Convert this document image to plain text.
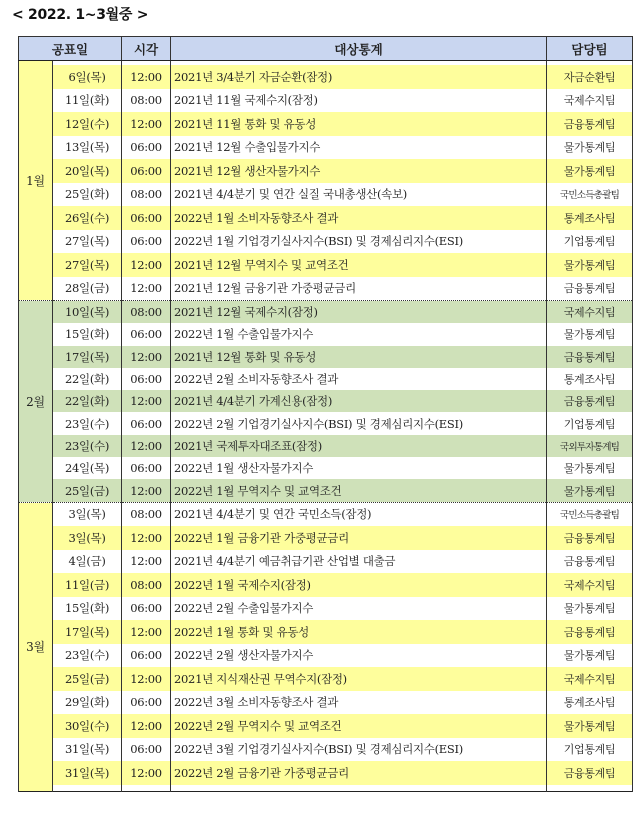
< 2022. 1~3월중 >
공표일		시각	대상통계	담당팀
1월				
	6일(목)	12:00	2021년 3/4분기 자금순환(잠정)	자금순환팀
	11일(화)	08:00	2021년 11월 국제수지(잠정)	국제수지팀
	12일(수)	12:00	2021년 11월 통화 및 유동성	금융통계팀
	13일(목)	06:00	2021년 12월 수출입물가지수	물가통계팀
	20일(목)	06:00	2021년 12월 생산자물가지수	물가통계팀
	25일(화)	08:00	2021년 4/4분기 및 연간 실질 국내총생산(속보)	국민소득총괄팀
	26일(수)	06:00	2022년 1월 소비자동향조사 결과	통계조사팀
	27일(목)	06:00	2022년 1월 기업경기실사지수(BSI) 및 경제심리지수(ESI)	기업통계팀
	27일(목)	12:00	2021년 12월 무역지수 및 교역조건	물가통계팀
	28일(금)	12:00	2021년 12월 금융기관 가중평균금리	금융통계팀
2월	10일(목)	08:00	2021년 12월 국제수지(잠정)	국제수지팀
	15일(화)	06:00	2022년 1월 수출입물가지수	물가통계팀
	17일(목)	12:00	2021년 12월 통화 및 유동성	금융통계팀
	22일(화)	06:00	2022년 2월 소비자동향조사 결과	통계조사팀
	22일(화)	12:00	2021년 4/4분기 가계신용(잠정)	금융통계팀
	23일(수)	06:00	2022년 2월 기업경기실사지수(BSI) 및 경제심리지수(ESI)	기업통계팀
	23일(수)	12:00	2021년 국제투자대조표(잠정)	국외투자통계팀
	24일(목)	06:00	2022년 1월 생산자물가지수	물가통계팀
	25일(금)	12:00	2022년 1월 무역지수 및 교역조건	물가통계팀
3월	3일(목)	08:00	2021년 4/4분기 및 연간 국민소득(잠정)	국민소득총괄팀
	3일(목)	12:00	2022년 1월 금융기관 가중평균금리	금융통계팀
	4일(금)	12:00	2021년 4/4분기 예금취급기관 산업별 대출금	금융통계팀
	11일(금)	08:00	2022년 1월 국제수지(잠정)	국제수지팀
	15일(화)	06:00	2022년 2월 수출입물가지수	물가통계팀
	17일(목)	12:00	2022년 1월 통화 및 유동성	금융통계팀
	23일(수)	06:00	2022년 2월 생산자물가지수	물가통계팀
	25일(금)	12:00	2021년 지식재산권 무역수지(잠정)	국제수지팀
	29일(화)	06:00	2022년 3월 소비자동향조사 결과	통계조사팀
	30일(수)	12:00	2022년 2월 무역지수 및 교역조건	물가통계팀
	31일(목)	06:00	2022년 3월 기업경기실사지수(BSI) 및 경제심리지수(ESI)	기업통계팀
	31일(목)	12:00	2022년 2월 금융기관 가중평균금리	금융통계팀
